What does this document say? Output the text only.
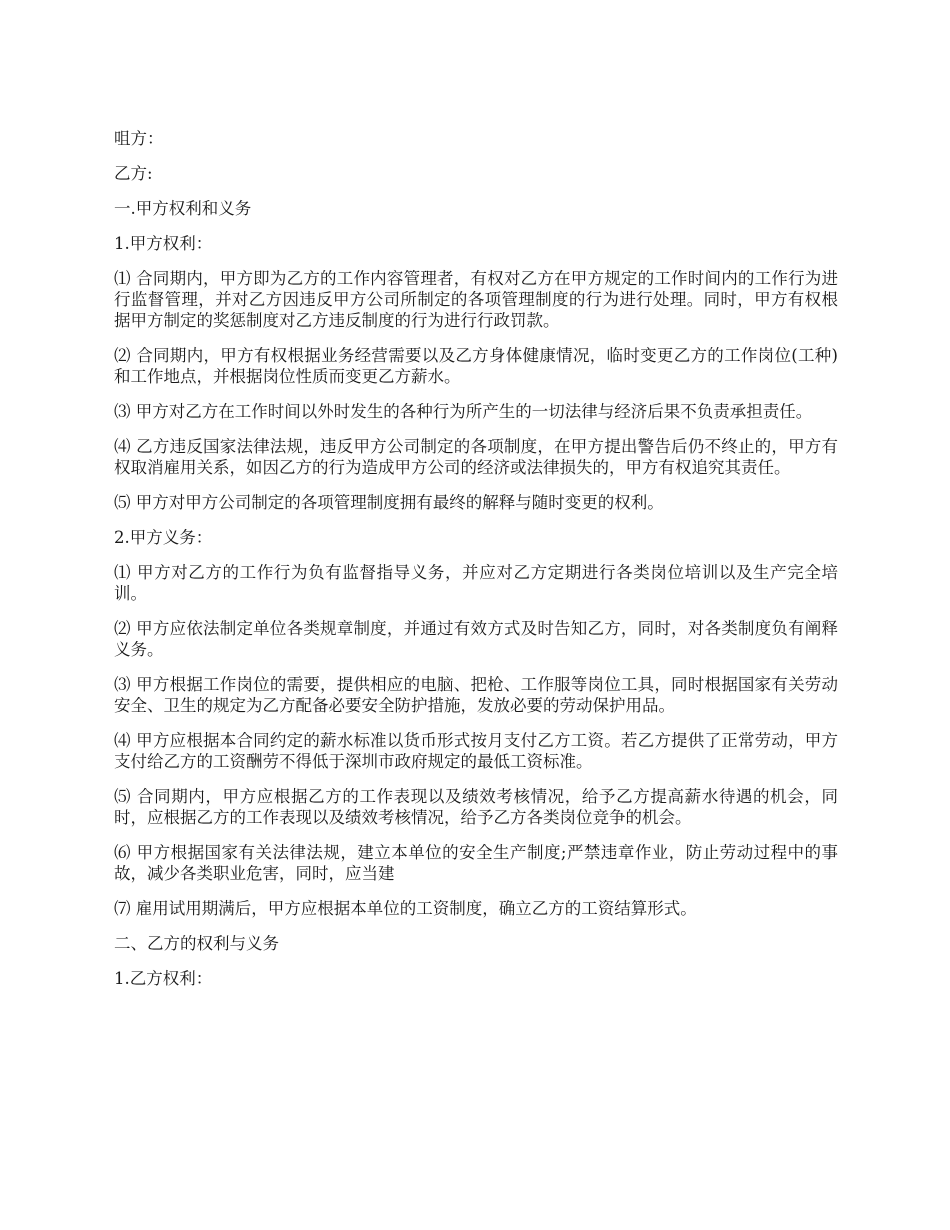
咀方：

乙方:

一.甲方权利和义务

1.甲方权利：

⑴ 合同期内，甲方即为乙方的工作内容管理者，有权对乙方在甲方规定的工作时间内的工作行为进行监督管理，并对乙方因违反甲方公司所制定的各项管理制度的行为进行处理。同时，甲方有权根据甲方制定的奖惩制度对乙方违反制度的行为进行行政罚款。

⑵ 合同期内，甲方有权根据业务经营需要以及乙方身体健康情况，临时变更乙方的工作岗位(工种)和工作地点，并根据岗位性质而变更乙方薪水。

⑶ 甲方对乙方在工作时间以外时发生的各种行为所产生的一切法律与经济后果不负责承担责任。

⑷ 乙方违反国家法律法规，违反甲方公司制定的各项制度，在甲方提出警告后仍不终止的，甲方有权取消雇用关系，如因乙方的行为造成甲方公司的经济或法律损失的，甲方有权追究其责任。

⑸ 甲方对甲方公司制定的各项管理制度拥有最终的解释与随时变更的权利。

2.甲方义务：

⑴ 甲方对乙方的工作行为负有监督指导义务，并应对乙方定期进行各类岗位培训以及生产完全培训。

⑵ 甲方应依法制定单位各类规章制度，并通过有效方式及时告知乙方，同时，对各类制度负有阐释义务。

⑶ 甲方根据工作岗位的需要，提供相应的电脑、把枪、工作服等岗位工具，同时根据国家有关劳动安全、卫生的规定为乙方配备必要安全防护措施，发放必要的劳动保护用品。

⑷ 甲方应根据本合同约定的薪水标准以货币形式按月支付乙方工资。若乙方提供了正常劳动，甲方支付给乙方的工资酬劳不得低于深圳市政府规定的最低工资标准。

⑸ 合同期内，甲方应根据乙方的工作表现以及绩效考核情况，给予乙方提高薪水待遇的机会，同时，应根据乙方的工作表现以及绩效考核情况，给予乙方各类岗位竞争的机会。

⑹ 甲方根据国家有关法律法规，建立本单位的安全生产制度;严禁违章作业，防止劳动过程中的事故，减少各类职业危害，同时，应当建

⑺ 雇用试用期满后，甲方应根据本单位的工资制度，确立乙方的工资结算形式。

二、乙方的权利与义务

1.乙方权利：
